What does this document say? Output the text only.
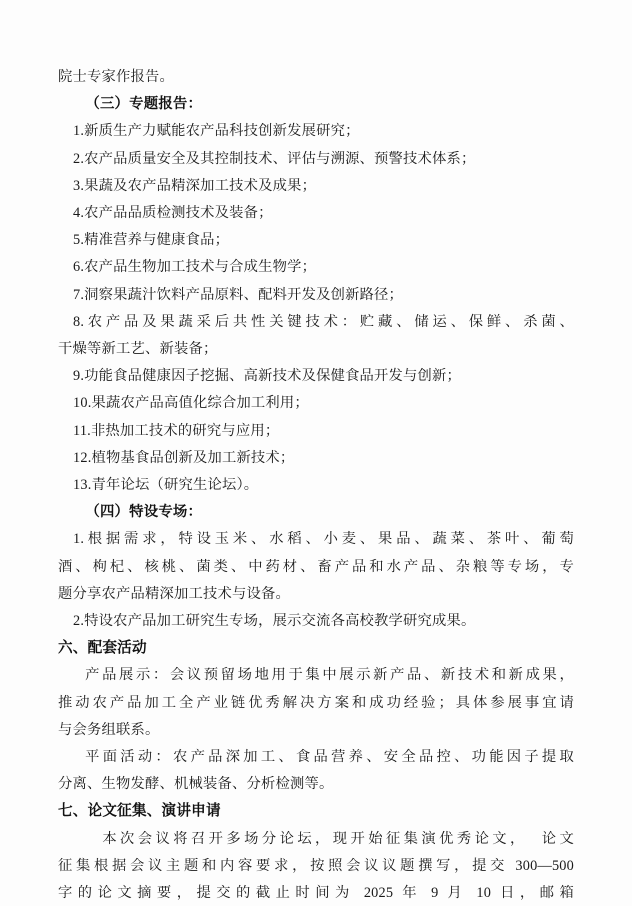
院士专家作报告。

（三）专题报告：

1.新质生产力赋能农产品科技创新发展研究；

2.农产品质量安全及其控制技术、评估与溯源、预警技术体系；

3.果蔬及农产品精深加工技术及成果；

4.农产品品质检测技术及装备；

5.精准营养与健康食品；

6.农产品生物加工技术与合成生物学；

7.洞察果蔬汁饮料产品原料、配料开发及创新路径；

8.农产品及果蔬采后共性关键技术：贮藏、储运、保鲜、杀菌、

干燥等新工艺、新装备；

9.功能食品健康因子挖掘、高新技术及保健食品开发与创新；

10.果蔬农产品高值化综合加工利用；

11.非热加工技术的研究与应用；

12.植物基食品创新及加工新技术；

13.青年论坛（研究生论坛）。

（四）特设专场：

1.根据需求，特设玉米、水稻、小麦、果品、蔬菜、茶叶、葡萄

酒、枸杞、核桃、菌类、中药材、畜产品和水产品、杂粮等专场，专

题分享农产品精深加工技术与设备。

2.特设农产品加工研究生专场，展示交流各高校教学研究成果。

六、配套活动

产品展示：会议预留场地用于集中展示新产品、新技术和新成果，

推动农产品加工全产业链优秀解决方案和成功经验；具体参展事宜请

与会务组联系。

平面活动：农产品深加工、食品营养、安全品控、功能因子提取

分离、生物发酵、机械装备、分析检测等。

七、论文征集、演讲申请

本次会议将召开多场分论坛，现开始征集演优秀论文，  论文

征集根据会议主题和内容要求，按照会议议题撰写，提交 300—500

字的论文摘要，提交的截止时间为 2025 年 9 月 10 日，邮箱
